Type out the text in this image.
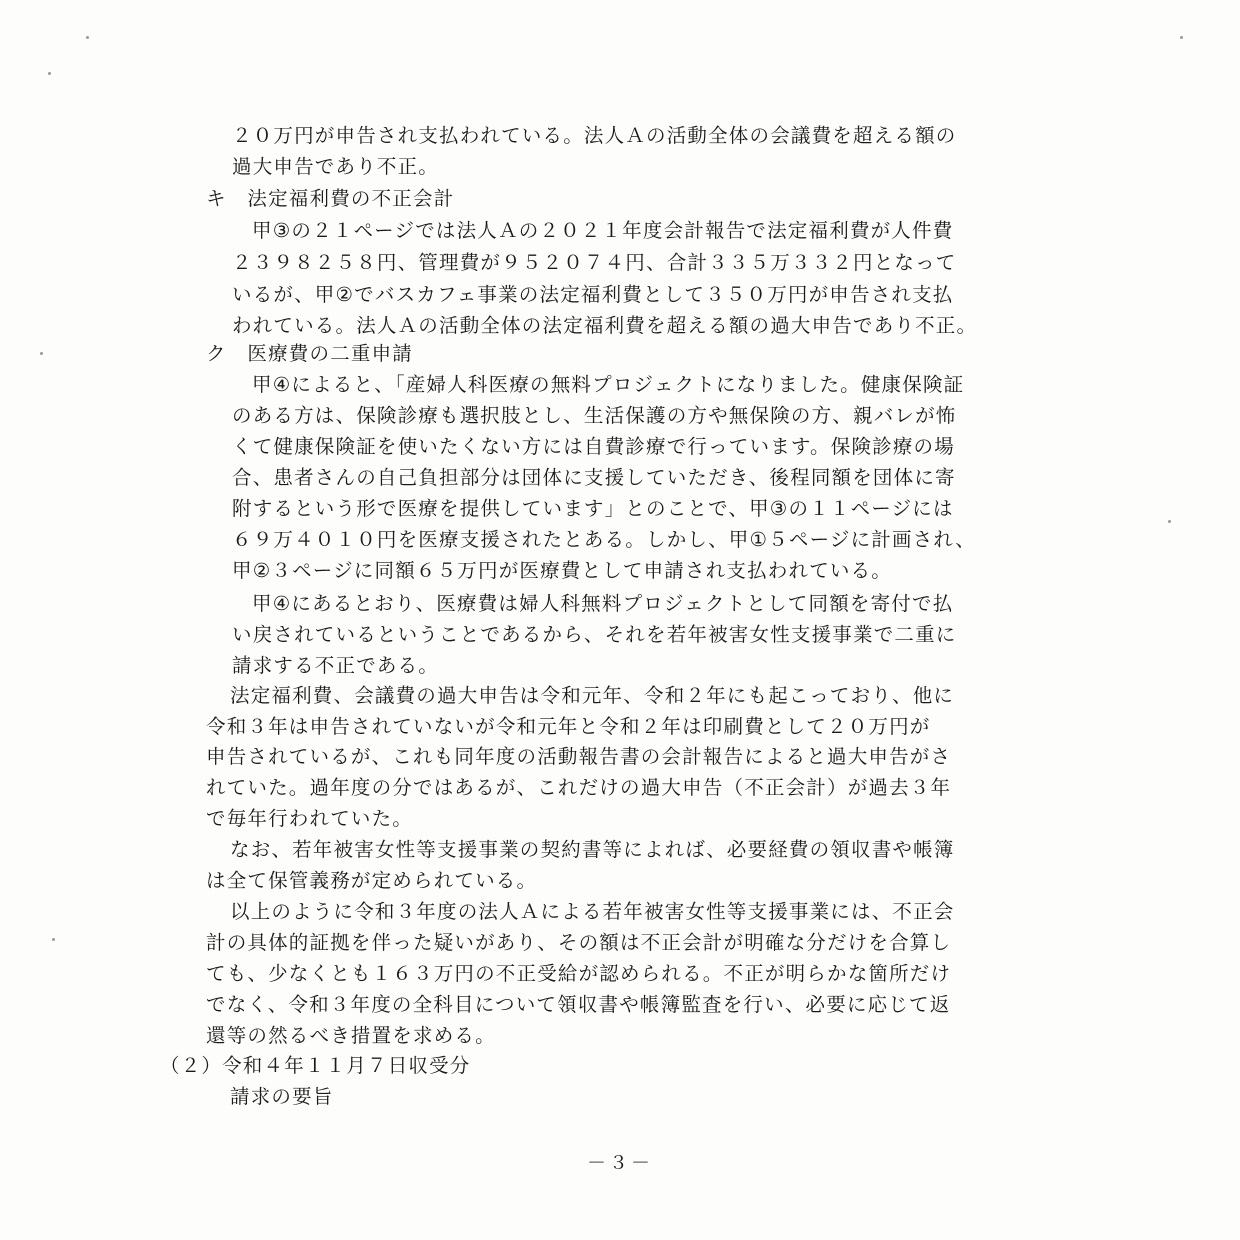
２０万円が申告され支払われている。法人Ａの活動全体の会議費を超える額の
過大申告であり不正。
キ　法定福利費の不正会計
甲③の２１ページでは法人Ａの２０２１年度会計報告で法定福利費が人件費
２３９８２５８円、管理費が９５２０７４円、合計３３５万３３２円となって
いるが、甲②でバスカフェ事業の法定福利費として３５０万円が申告され支払
われている。法人Ａの活動全体の法定福利費を超える額の過大申告であり不正。
ク　医療費の二重申請
甲④によると、「産婦人科医療の無料プロジェクトになりました。健康保険証
のある方は、保険診療も選択肢とし、生活保護の方や無保険の方、親バレが怖
くて健康保険証を使いたくない方には自費診療で行っています。保険診療の場
合、患者さんの自己負担部分は団体に支援していただき、後程同額を団体に寄
附するという形で医療を提供しています」とのことで、甲③の１１ページには
６９万４０１０円を医療支援されたとある。しかし、甲①５ページに計画され、
甲②３ページに同額６５万円が医療費として申請され支払われている。
甲④にあるとおり、医療費は婦人科無料プロジェクトとして同額を寄付で払
い戻されているということであるから、それを若年被害女性支援事業で二重に
請求する不正である。
法定福利費、会議費の過大申告は令和元年、令和２年にも起こっており、他に
令和３年は申告されていないが令和元年と令和２年は印刷費として２０万円が
申告されているが、これも同年度の活動報告書の会計報告によると過大申告がさ
れていた。過年度の分ではあるが、これだけの過大申告（不正会計）が過去３年
で毎年行われていた。
なお、若年被害女性等支援事業の契約書等によれば、必要経費の領収書や帳簿
は全て保管義務が定められている。
以上のように令和３年度の法人Ａによる若年被害女性等支援事業には、不正会
計の具体的証拠を伴った疑いがあり、その額は不正会計が明確な分だけを合算し
ても、少なくとも１６３万円の不正受給が認められる。不正が明らかな箇所だけ
でなく、令和３年度の全科目について領収書や帳簿監査を行い、必要に応じて返
還等の然るべき措置を求める。
（２）令和４年１１月７日収受分
請求の要旨
－３－
